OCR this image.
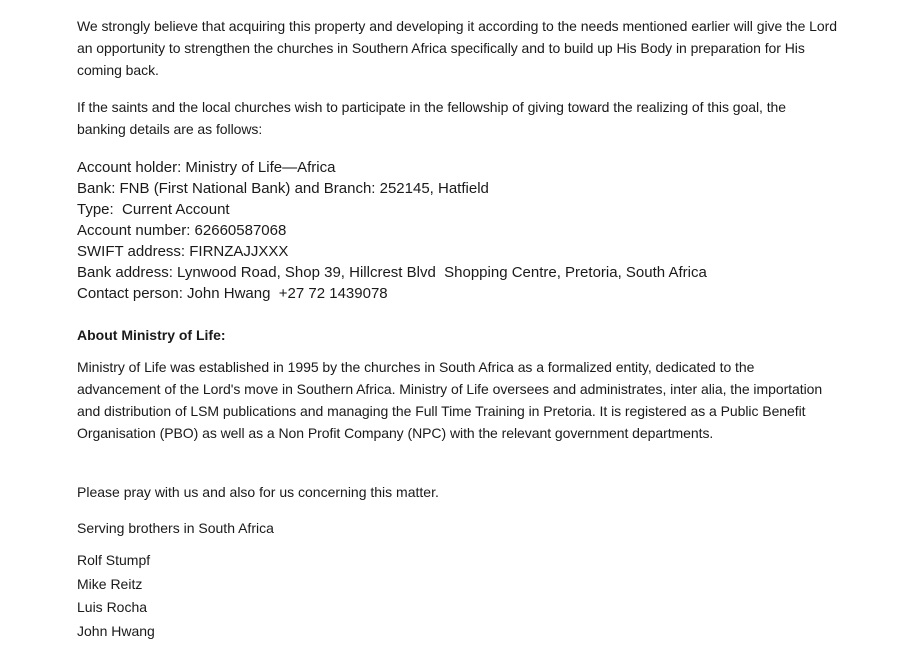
We strongly believe that acquiring this property and developing it according to the needs mentioned earlier will give the Lord an opportunity to strengthen the churches in Southern Africa specifically and to build up His Body in preparation for His coming back.

If the saints and the local churches wish to participate in the fellowship of giving toward the realizing of this goal, the banking details are as follows:

Account holder: Ministry of Life—Africa

Bank: FNB (First National Bank) and Branch: 252145, Hatfield

Type:  Current Account

Account number: 62660587068

SWIFT address: FIRNZAJJXXX

Bank address: Lynwood Road, Shop 39, Hillcrest Blvd  Shopping Centre, Pretoria, South Africa

Contact person: John Hwang  +27 72 1439078

About Ministry of Life:

Ministry of Life was established in 1995 by the churches in South Africa as a formalized entity, dedicated to the advancement of the Lord's move in Southern Africa. Ministry of Life oversees and administrates, inter alia, the importation and distribution of LSM publications and managing the Full Time Training in Pretoria. It is registered as a Public Benefit Organisation (PBO) as well as a Non Profit Company (NPC) with the relevant government departments.

Please pray with us and also for us concerning this matter.

Serving brothers in South Africa

Rolf Stumpf

Mike Reitz

Luis Rocha

John Hwang
